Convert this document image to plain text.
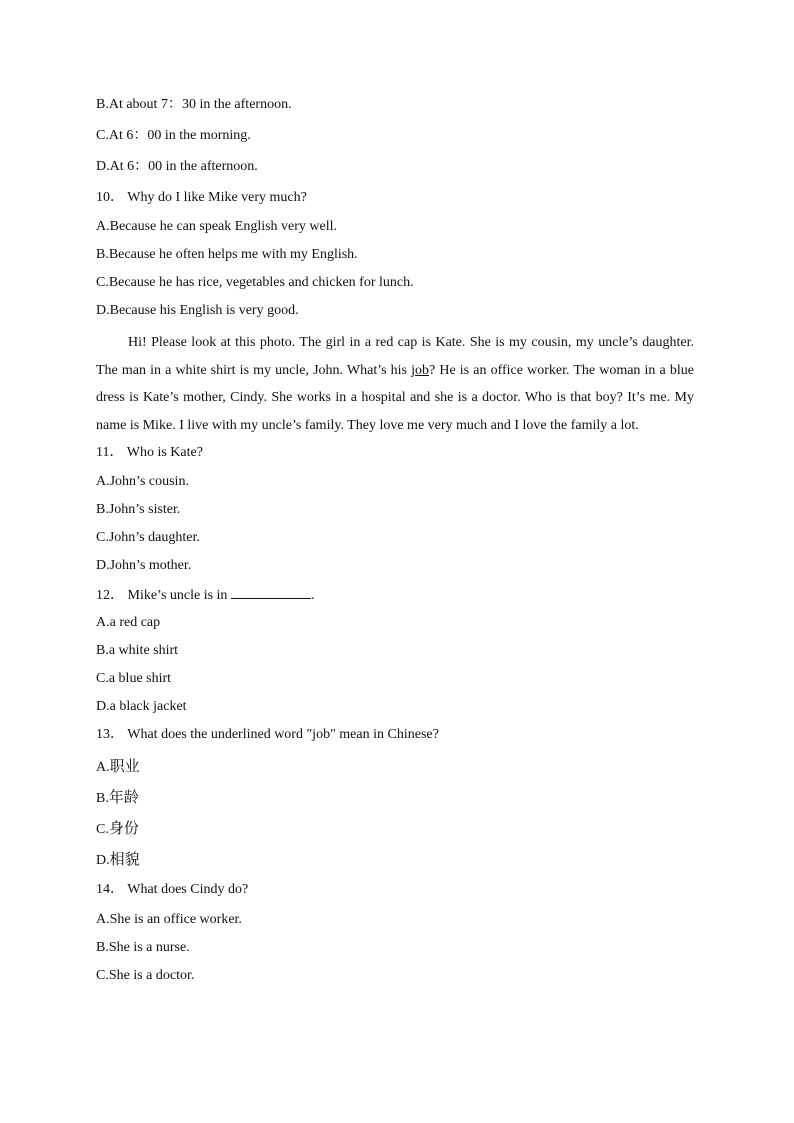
B.At about 7：30 in the afternoon.
C.At 6：00 in the morning.
D.At 6：00 in the afternoon.
10． Why do I like Mike very much?
A.Because he can speak English very well.
B.Because he often helps me with my English.
C.Because he has rice, vegetables and chicken for lunch.
D.Because his English is very good.
Hi! Please look at this photo. The girl in a red cap is Kate. She is my cousin, my uncle’s daughter. The man in a white shirt is my uncle, John. What’s his job? He is an office worker. The woman in a blue dress is Kate’s mother, Cindy. She works in a hospital and she is a doctor. Who is that boy? It’s me. My name is Mike. I live with my uncle’s family. They love me very much and I love the family a lot.
11． Who is Kate?
A.John’s cousin.
B.John’s sister.
C.John’s daughter.
D.John’s mother.
12． Mike’s uncle is in	.
A.a red cap
B.a white shirt
C.a blue shirt
D.a black jacket
13． What does the underlined word "job" mean in Chinese?
A.职业
B.年龄
C.身份
D.相貌
14． What does Cindy do?
A.She is an office worker.
B.She is a nurse.
C.She is a doctor.
